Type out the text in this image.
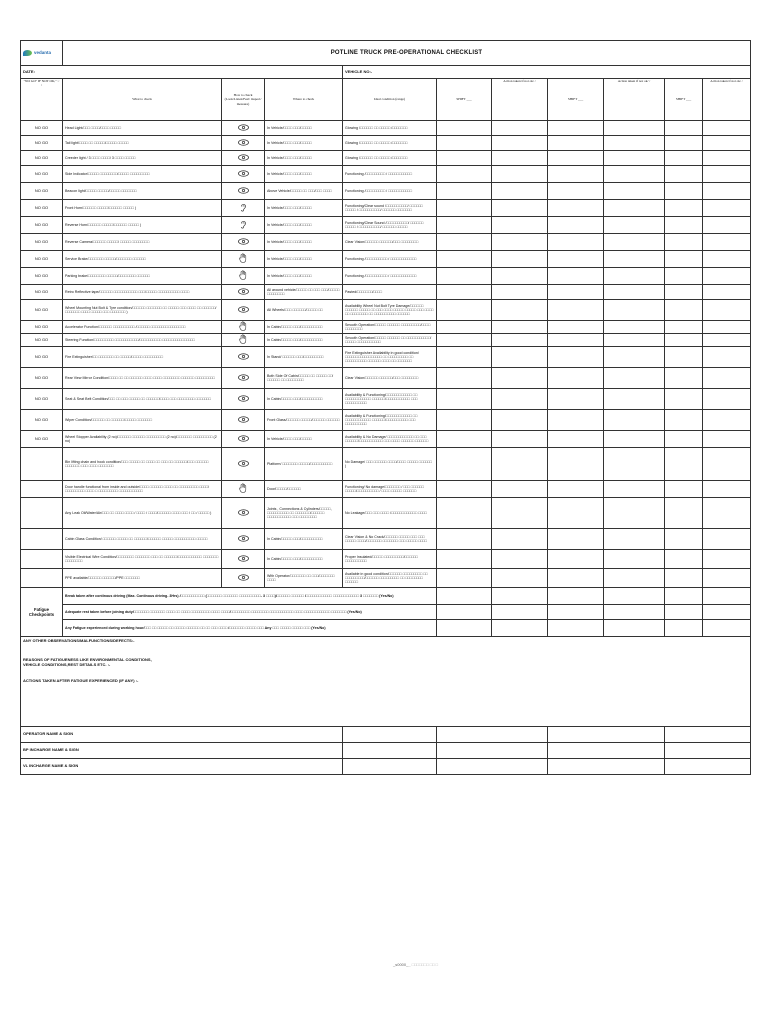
vedanta	POTLINE TRUCK PRE-OPERATIONAL CHECKLIST									
DATE:				VEHICLE NO:-						
"NO GO" IF NOT OK," ~ /	What to check	How to check (Look/Listen/Feel/ inspect/ measure)	Where to check	Ideal condition (range)	SHIFT ___	Action taken if not ok/ /	SHIFT ___	Action taken if not ok/ /	SHIFT ___	Action taken if not ok/ /
NO GO	Head Light/□□□ □□□□/□□□□ □□□□□		In Vehicle/□□□□ □□□/□□□□□	Glowing /□□□□□□ □□ □□□□□ /□□□□□□□						
NO GO	Tail light/□□□□ □□ □□□□□/□□□□□ □□□□□		In Vehicle/□□□□ □□□/□□□□□	Glowing /□□□□□□ □□ □□□□□ /□□□□□□□						
NO GO	Creeder light / 3 □□□□ □□□□/ 3 □□□□ □□□□□		In Vehicle/□□□□ □□□/□□□□□	Glowing /□□□□□□ □□ □□□□□ /□□□□□□□						
NO GO	Side Indicator/□□□□□ □□□□□□□□/□□□□□ □□□□□□□□□		In Vehicle/□□□□ □□□/□□□□□	Functioning /□□□□□□□□□ / □□□□□□□□□□□						
NO GO	Beacon light/□□□□□ □□□□□/□□□□□ □□□□□□□		Above Vehicle/□□□□□ □□ □□□/□□□ □□□□	Functioning /□□□□□□□□□ / □□□□□□□□□□□						
NO GO	Front Horn/□□□□□□ □□□□□/□□□□□□ □□□□□ )		In Vehicle/□□□□ □□□/□□□□□	Functioning/Clear sound /□□□□□□□□□□/ □□□□□□ □□□□□ / □□□□□□□□□□/ □□□□□□ □□□□□□□						
NO GO	Reverse Horn/□□□□□□ □□□□□/□□□□□□ □□□□□ )		In Vehicle/□□□□ □□□/□□□□□	Functioning/Clear Sound /□□□□□□□□□□/ □□□□□□ □□□□□ / □□□□□□□□□□/ □□□□□□ □□□□□						
NO GO	Reverse Camera/□□□□□□ □□□□□/ □□□□□ □□□□□□□□		In Vehicle/□□□□ □□□/□□□□□	Clear Vision/□□□□□□ □□□□□□/□□□ □□□□□□□□						
NO GO	Service Brake/□□□□□□□ □□□□□/□□□□□□□ □□□□□□		In Vehicle/□□□□ □□□/□□□□□	Functioning /□□□□□□□□□□ / □□□□□□□□□□□□						
NO GO	Parking brake/□□□□□□□□ □□□□□/□□□□□□□□ □□□□□□		In Vehicle/□□□□ □□□/□□□□□	Functioning /□□□□□□□□□□ / □□□□□□□□□□□□						
NO GO	Retro Reflective tape/□□□□□□ □□□□□□□□□□□ □□□/□□□□□ □□□□□□□□□□ □□□□		All around vehicle/□□□□□ □□ □□□ □□□/□□□□□ □□□□□□□□	Pasted/□□□□□□□/□□□□						
NO GO	Wheel Mounting Nut Bolt & Tyre condition/□□□□□□ □□□□□□□ □□ □□□□□ □□□ □□□□ □□ □□□□□□/□□□□□□□ □□□□ □□□□□ □□□ □□□□□□□ )		All Wheels/□□□ □□□□□□/□□□□□ □□	Availability Wheel Nut Bolt Tyre Damage/□□□□□□ □□□□□□ □□□□□ □□ □□□ □□□□ □□□□□ □□□□□ □□□ □□□□ □□ □□□□□□□□ □□ □□□□□□□□□□ □□□□□□						
NO GO	Accelerator Function/□□□□□□ □□□□□□□□□□ /□□□□□□ □□□□□□□□□□□□□□□□		In Cabin/□□□□□ □□□/□□□□□□□□□□	Smooth Operation/□□□□□ □□□□□□ □□□□□□□□□/□□□□ □□□□□□□□						
NO GO	Steering Function/□□□□□□□□□ □□□□□□□□□□□/□□□□□□□□□□ □□□□□□□□□□□□□□□		In Cabin/□□□□□ □□□/□□□□□□□□□□	Smooth Operation/□□□□□ □□□□□□ □□ □□□□□□□□□□□/□□□□□ □□□□□□□□□□□						
NO GO	Fire Extinguisher/□□ □□□□□□□ □□ □□□□□/□□□□□ □□□□□□□□□		In Stand/ □□□□□□ □□□/□□□□□□□□□	Fire Extinguisher Availability in good condition/□□□□□□□□□□□□□□□□□ □□ □□□□□□□□□ □□ □□□□□□□□□□ □□□□□□ □□□□ □□ □□□□□□□						
NO GO	Rear View Mirror Condition/□□□□ □□ □□ □□□□□□ □□□□ □□□□ □□□□□□□□ □□□□□□ □□□□□□□□□		Both Side Of Cabin/□□□□□ □□ □□□□□ □□/□□□□□□ □□ □□□□□□□□	Clear Vision/□□□□□□ □□□□□□/□□□ □□□□□□□□						
NO GO	Seat & Seat Belt Condition/□□□ □□ □□□ □□□□□ □□ □□□□□□/□□□□ □□□ □□□□□□□□ □□□□□□□		In Cabin/□□□□□ □□□/□□□□□□□□□□	Availability & Functioning/□□□□□□□□□□□□ □□ □□□□□□□□□□□□ □□□□□□/□□□□□□□□□□□ □□□ □□□□□□□□□□						
NO GO	Wiper Condition/□□□□□□ □□ □□□□□□/□□□□□ □□□□□□□		Front Glass/□□□□□□ □□□□□/□□□□□□ □□□□□□	Availability & Functioning/□□□□□□□□□□□□ □□ □□□□□□□□□□□□ □□□□□□/□□□□□□□□□□ □□□ □□□□□□□□□□						
NO GO	Wheel Stopper Availability (2 no)/□□□□□□ □□□□□□ □□□□□□□□□ (2 no)/□□□□□□□ □□□□□□□□□ (2 no)		In Vehicle/□□□□ □□□/□□□□□	Availability & No Damage/ □□□□□□□□□□□□ □□ □□□ □□□□□□/□□□□□□□□□□□ □□□ □□□□ □□□□□□ □□□□□□						
	Bin lifting chain and hook condition/□□□ □□□□□ □□ □□□□ □□ □□□ □□ □□□□□□/□□□ □□□□□□ □□□□□□□ □□□ □□□□ □□□□□□□		Platform/ □□□□□□□ □□□□□/□□□□□□□□□□	No Damage/ □□□ □□□□□□ □□□□/□□□□ □□□□□ □□□□□□ )						
	Door handle functional from inside and outside/□□□□ □□□□□□ □□□□ □□ □□□□□□□□□ □□□□/□□□□□□□□□ □□□□ □ □□□□□□□□□ □□□□□□□□□□□		Door/□□□□□/□□□□□□	Functioning/ No damage/□□□□□□□ / □□□ □□□□□□ □□□□□/□□□□□□□□□□ / □□□□ □□□□□ □□□□□□						
	Any Leak Oil/Water/Air/□□□ □□ □□□□ □□□□ / □□□□ / □□□□/□□□□□□ □□□□ □□□ / □□ / □□□□□ )		Joints , Connections & Cylinders/□□□□□, □□□□□□□□□□ □□ □□□□□□□/□□□□□□ □□□□□□□□□□□ □□□ □□□□□□□□	No Leakage/□□□ □□□ □□□□ /□□□□□□□□□□□□ □□□□						
	Cabin Glass Condition/ □□□□□□ □□□□□ □□ □□□□□□/□□□□□□ □□□□□ □□□□□□□□□□ □□□□□		In Cabin/□□□□□ □□□/□□□□□□□□□□	Clear Vision & No Crack/□□□□□□ □□□□□ □□□ □□□ □□□□□ □□□□/□□□□□□□ □□□□□□□ □□□ □□□□□ □□□□						
	Visible Electrical Wire Condition/□□□□□□□□ □□□□□□□ □□□ □□ □□□□□□/□□□□□□□□□□□ □□□□□□□ □□□□□□□□		In Cabin/□□□□□ □□□/□□□□□□□□□□	Proper Insulated/□□□□□ □□□□□□□□□/□□□□□□ □□□□□□□□□□						
	PPE available/□□□□□□ □□□□□□/PPE □□□□□□□		With Operator/□□□□□□□ □□ □□□/□□□□□□□ □□□□	Available in good condition/□□□□□□ □□□□□□□□□ □□ □□□□□□□□□/□□□□□□ □□□□□□□□□ □□ □□□□□□□□ □□□□□□						
Fatigue Checkpoints	Break taken after continous driving (Max. Continous driving- 3Hrs) /□□□□□□□□□□□ (□□□□□□□ □□□□□□□ □□□□□□□□□□- 3 □□□□)/□□□□□□ □□□□□□ /□□□□□□□□□□□□ □□□□□□□□□□□□ 3 □□□□□□□ (Yes/No)									
	Adequate rest taken before joining duty/□□□□□□□ □□□□□□□ □□□□ □□ □□□□ □□□□□□□□□ □□□□ □□□□/□□□□□□□□□ □□□□□□□□ □□□□□□□□□□□ □□□□ □□□□□□□□□□□□ □□□□□□□ (Yes/No)									
	Any Fatigue experienced during working hour/□□□ □□ □□□□□ □□ □□□□□ □□□□□□ □□ □□ □□□ □□□□ /□□□□□□□ □□□□□ □□□ Any □□□ □□□□□ □□□□□ □□□ (Yes/No)									

ANY OTHER OBSERVATIONS/MALFUNCTIONS/DEFECTS:-
REASONS OF FATIGUENESS LIKE ENVIRONMENTAL CONDITIONS,
VEHICLE CONDITIONS,REST DETAILS ETC. :-
ACTIONS TAKEN AFTER FATIGUE EXPERIENCED (IF ANY) :-										

OPERATOR NAME & SIGN										
BP INCHARGE NAME & SIGN										
VL INCHARGE NAME & SIGN										
_s0000__ □□□□□□□ □□ □
